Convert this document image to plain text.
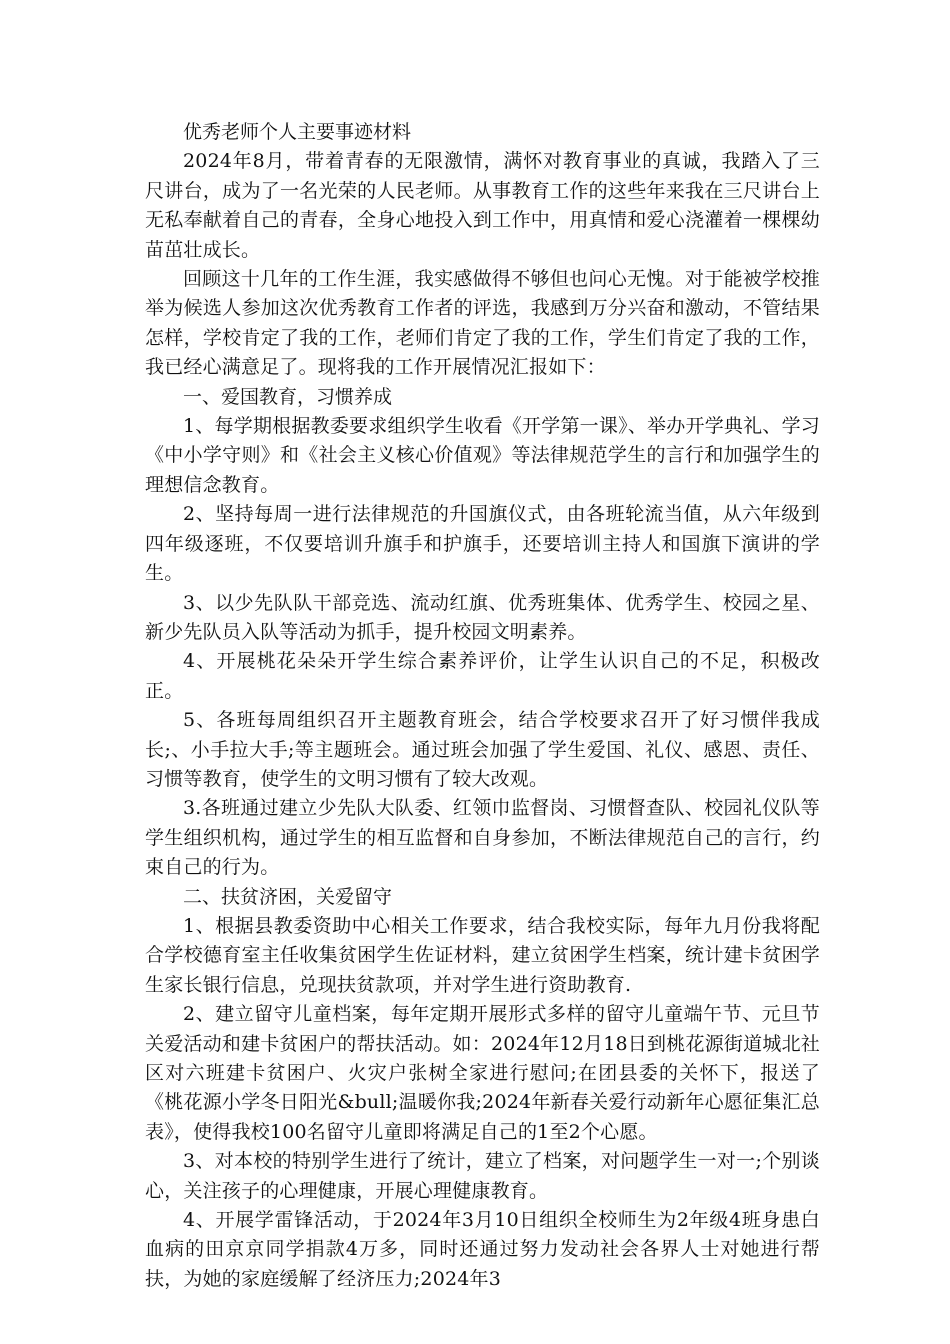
优秀老师个人主要事迹材料

2024年8月，带着青春的无限激情，满怀对教育事业的真诚，我踏入了三尺讲台，成为了一名光荣的人民老师。从事教育工作的这些年来我在三尺讲台上无私奉献着自己的青春，全身心地投入到工作中，用真情和爱心浇灌着一棵棵幼苗茁壮成长。

回顾这十几年的工作生涯，我实感做得不够但也问心无愧。对于能被学校推举为候选人参加这次优秀教育工作者的评选，我感到万分兴奋和激动，不管结果怎样，学校肯定了我的工作，老师们肯定了我的工作，学生们肯定了我的工作，我已经心满意足了。现将我的工作开展情况汇报如下：

一、爱国教育，习惯养成

1、每学期根据教委要求组织学生收看《开学第一课》、举办开学典礼、学习《中小学守则》和《社会主义核心价值观》等法律规范学生的言行和加强学生的理想信念教育。

2、坚持每周一进行法律规范的升国旗仪式，由各班轮流当值，从六年级到四年级逐班，不仅要培训升旗手和护旗手，还要培训主持人和国旗下演讲的学生。

3、以少先队队干部竞选、流动红旗、优秀班集体、优秀学生、校园之星、新少先队员入队等活动为抓手，提升校园文明素养。

4、开展桃花朵朵开学生综合素养评价，让学生认识自己的不足，积极改正。

5、各班每周组织召开主题教育班会，结合学校要求召开了好习惯伴我成长;、小手拉大手;等主题班会。通过班会加强了学生爱国、礼仪、感恩、责任、习惯等教育，使学生的文明习惯有了较大改观。

3.各班通过建立少先队大队委、红领巾监督岗、习惯督查队、校园礼仪队等学生组织机构，通过学生的相互监督和自身参加，不断法律规范自己的言行，约束自己的行为。

二、扶贫济困，关爱留守

1、根据县教委资助中心相关工作要求，结合我校实际，每年九月份我将配合学校德育室主任收集贫困学生佐证材料，建立贫困学生档案，统计建卡贫困学生家长银行信息，兑现扶贫款项，并对学生进行资助教育.

2、建立留守儿童档案，每年定期开展形式多样的留守儿童端午节、元旦节关爱活动和建卡贫困户的帮扶活动。如：2024年12月18日到桃花源街道城北社区对六班建卡贫困户、火灾户张树全家进行慰问;在团县委的关怀下，报送了《桃花源小学冬日阳光&bull;温暖你我;2024年新春关爱行动新年心愿征集汇总表》，使得我校100名留守儿童即将满足自己的1至2个心愿。

3、对本校的特别学生进行了统计，建立了档案，对问题学生一对一;个别谈心，关注孩子的心理健康，开展心理健康教育。

4、开展学雷锋活动，于2024年3月10日组织全校师生为2年级4班身患白血病的田京京同学捐款4万多，同时还通过努力发动社会各界人士对她进行帮扶，为她的家庭缓解了经济压力;2024年3
